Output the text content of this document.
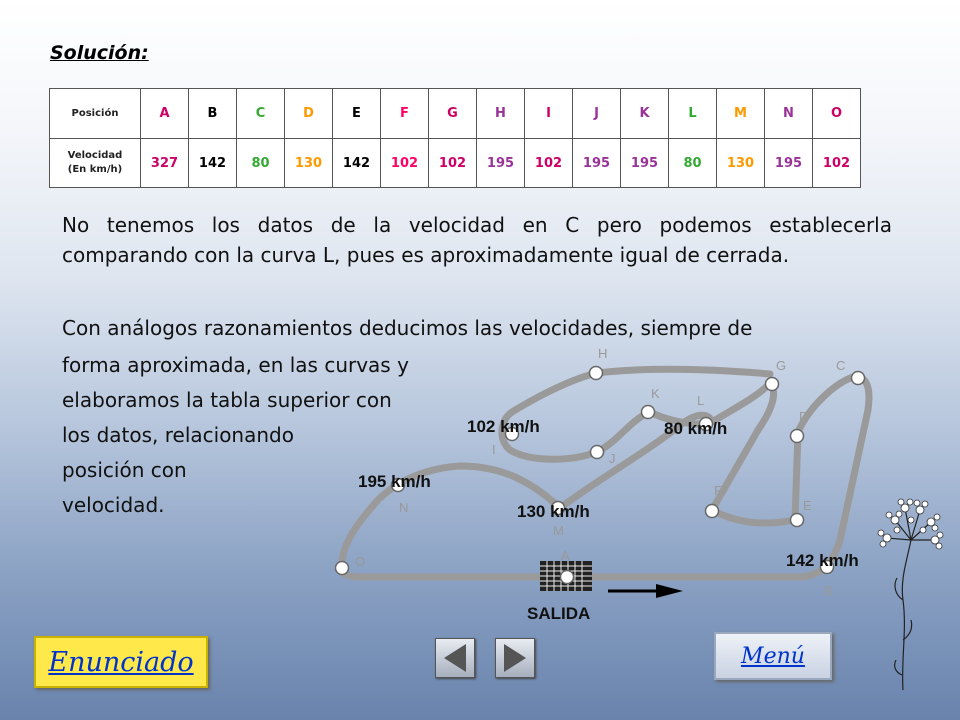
Solución:
Posición	A	B	C	D	E	F	G	H	I	J	K	L	M	N	O
Velocidad
(En km/h)	327	142	80	130	142	102	102	195	102	195	195	80	130	195	102
No tenemos los datos de la velocidad en C pero podemos establecerla comparando con la curva L, pues es aproximadamente igual de cerrada.
Con análogos razonamientos deducimos las velocidades, siempre de
forma aproximada, en las curvas y
elaboramos la tabla superior con
los datos, relacionando
posición con
velocidad.
A
B
C
D
E
F
G
H
I
J
K	L
M
N
O
102 km/h	80 km/h
195 km/h
130 km/h
142 km/h
SALIDA
Enunciado	Menú
